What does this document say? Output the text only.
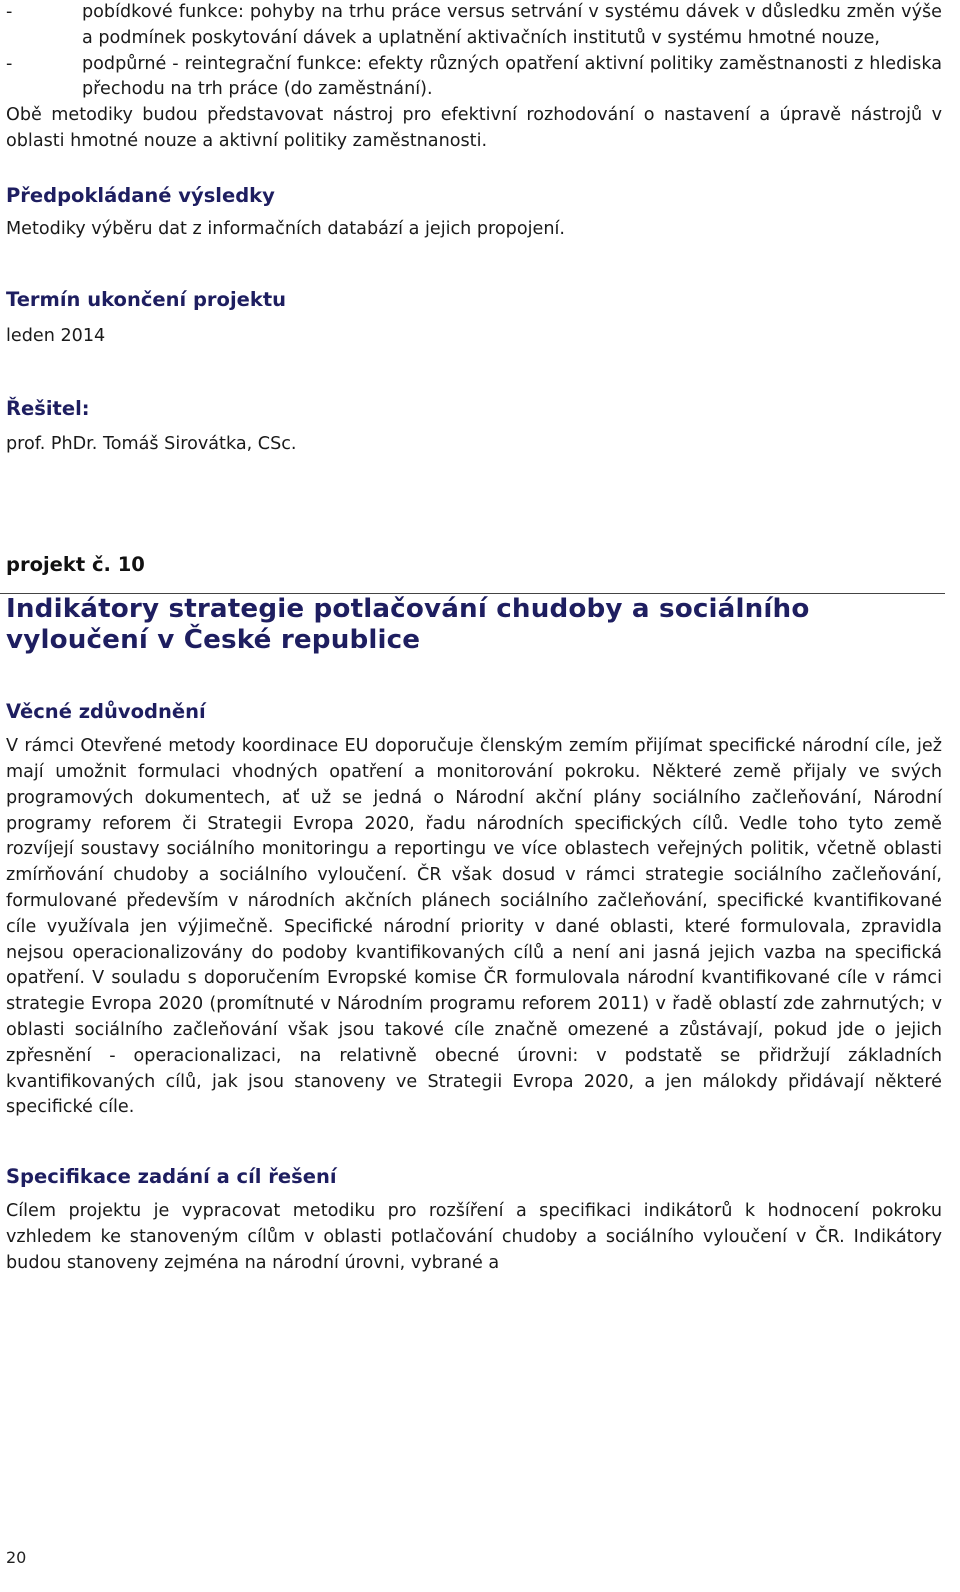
-	pobídkové funkce: pohyby na trhu práce versus setrvání v systému dávek v důsledku změn výše a podmínek poskytování dávek a uplatnění aktivačních institutů v systému hmotné nouze,
-	podpůrné - reintegrační funkce: efekty různých opatření aktivní politiky zaměstnanosti z hlediska přechodu na trh práce (do zaměstnání).

Obě metodiky budou představovat nástroj pro efektivní rozhodování o nastavení a úpravě nástrojů v oblasti hmotné nouze a aktivní politiky zaměstnanosti.

Předpokládané výsledky

Metodiky výběru dat z informačních databází a jejich propojení.

Termín ukončení projektu

leden 2014

Řešitel:

prof. PhDr. Tomáš Sirovátka, CSc.

projekt č. 10
Indikátory strategie potlačování chudoby a sociálního vyloučení v České republice
Věcné zdůvodnění

V rámci Otevřené metody koordinace EU doporučuje členským zemím přijímat specifické národní cíle, jež mají umožnit formulaci vhodných opatření a monitorování pokroku. Některé země přijaly ve svých programových dokumentech, ať už se jedná o Národní akční plány sociálního začleňování, Národní programy reforem či Strategii Evropa 2020, řadu národních specifických cílů. Vedle toho tyto země rozvíjejí soustavy sociálního monitoringu a reportingu ve více oblastech veřejných politik, včetně oblasti zmírňování chudoby a sociálního vyloučení. ČR však dosud v rámci strategie sociálního začleňování, formulované především v národních akčních plánech sociálního začleňování, specifické kvantifikované cíle využívala jen výjimečně. Specifické národní priority v dané oblasti, které formulovala, zpravidla nejsou operacionalizovány do podoby kvantifikovaných cílů a není ani jasná jejich vazba na specifická opatření. V souladu s doporučením Evropské komise ČR formulovala národní kvantifikované cíle v rámci strategie Evropa 2020 (promítnuté v Národním programu reforem 2011) v řadě oblastí zde zahrnutých; v oblasti sociálního začleňování však jsou takové cíle značně omezené a zůstávají, pokud jde o jejich zpřesnění - operacionalizaci, na relativně obecné úrovni: v podstatě se přidržují základních kvantifikovaných cílů, jak jsou stanoveny ve Strategii Evropa 2020, a jen málokdy přidávají některé specifické cíle.

Specifikace zadání a cíl řešení

Cílem projektu je vypracovat metodiku pro rozšíření a specifikaci indikátorů k hodnocení pokroku vzhledem ke stanoveným cílům v oblasti potlačování chudoby a sociálního vyloučení v ČR. Indikátory budou stanoveny zejména na národní úrovni, vybrané a

20
